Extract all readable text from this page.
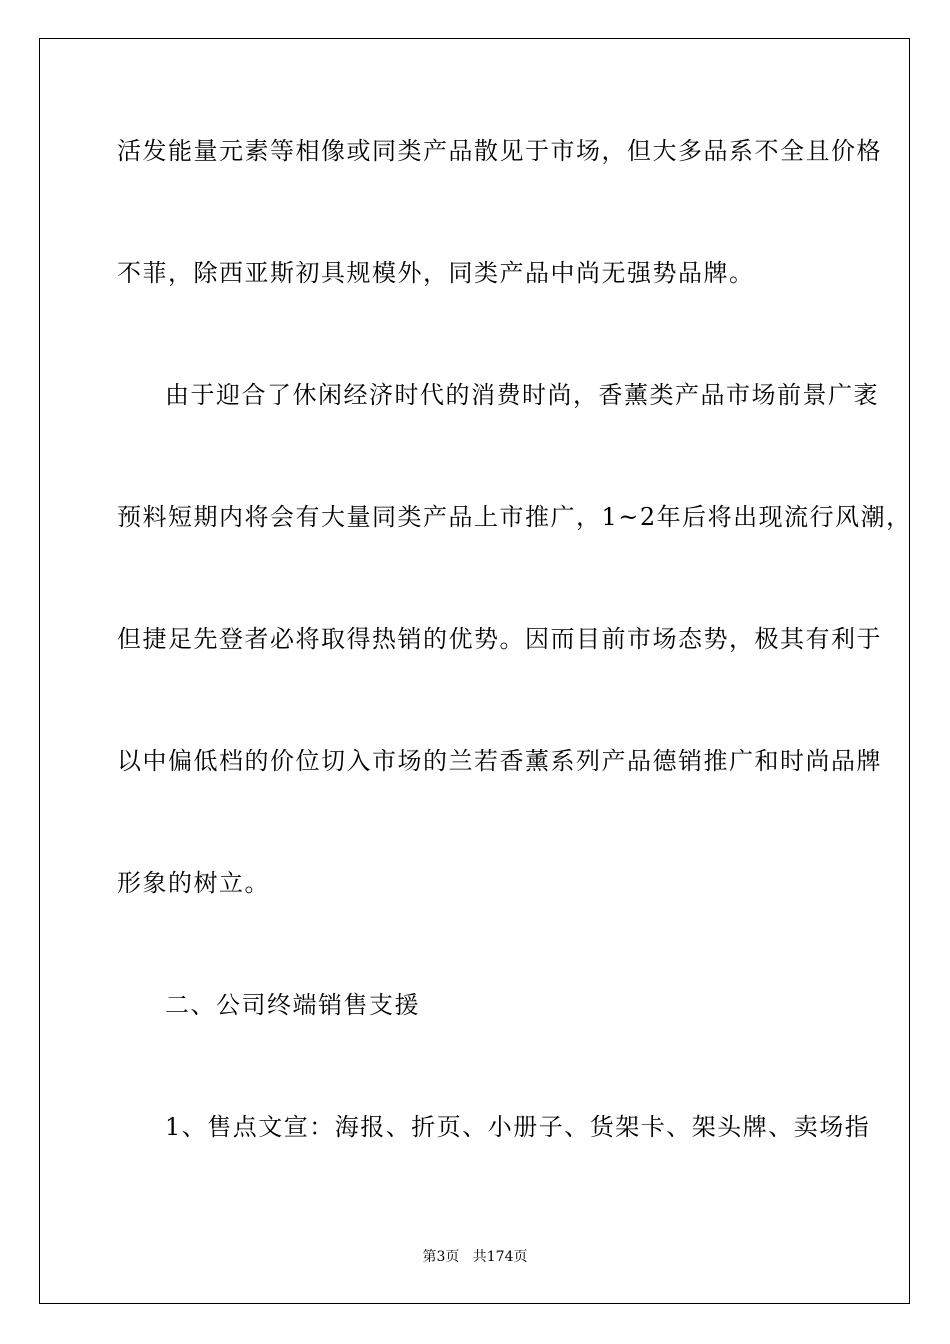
活发能量元素等相像或同类产品散见于市场，但大多品系不全且价格
不菲，除西亚斯初具规模外，同类产品中尚无强势品牌。
由于迎合了休闲经济时代的消费时尚，香薰类产品市场前景广袤
预料短期内将会有大量同类产品上市推广，1~2年后将出现流行风潮，
但捷足先登者必将取得热销的优势。因而目前市场态势，极其有利于
以中偏低档的价位切入市场的兰若香薰系列产品德销推广和时尚品牌
形象的树立。
二、公司终端销售支援
1、售点文宣：海报、折页、小册子、货架卡、架头牌、卖场指
第3页 共174页
